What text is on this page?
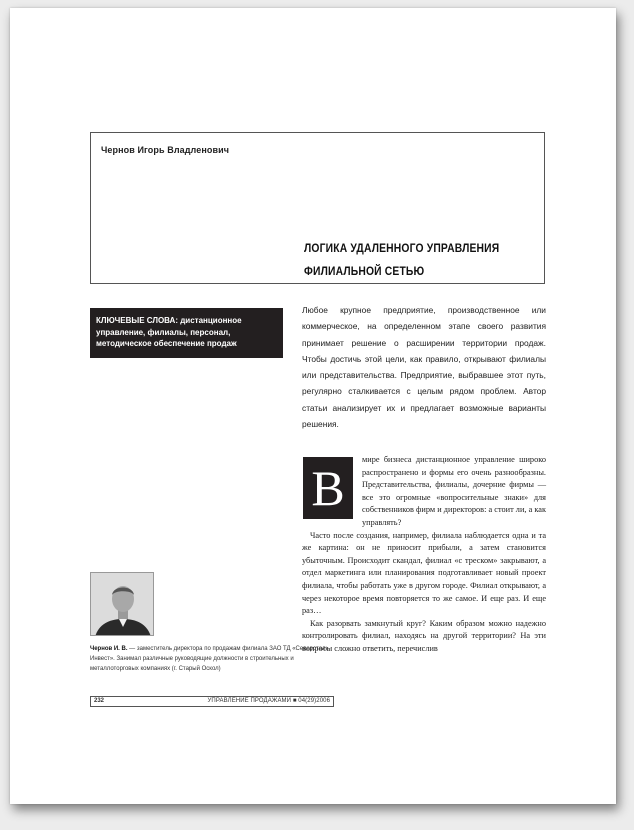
Чернов Игорь Владленович
ЛОГИКА УДАЛЕННОГО УПРАВЛЕНИЯ
ФИЛИАЛЬНОЙ СЕТЬЮ
КЛЮЧЕВЫЕ СЛОВА: дистанционное управление, филиалы, персонал, методическое обеспечение продаж
Любое крупное предприятие, производственное или коммерческое, на определенном этапе своего развития принимает решение о расширении территории продаж. Чтобы достичь этой цели, как правило, открывают филиалы или представительства. Предприятие, выбравшее этот путь, регулярно сталкивается с целым рядом проблем. Автор статьи анализирует их и предлагает возможные варианты решения.
В

мире бизнеса дистанционное управление широко распространено и формы его очень разнообразны. Представительства, филиалы, дочерние фирмы — все это огромные «вопросительные знаки» для собственников фирм и директоров: а стоит ли, а как управлять?

Часто после создания, например, филиала наблюдается одна и та же картина: он не приносит прибыли, а затем становится убыточным. Происходит скандал, филиал «с треском» закрывают, а отдел маркетинга или планирования подготавливает новый проект филиала, чтобы работать уже в другом городе. Филиал открывают, а через некоторое время повторяется то же самое. И еще раз. И еще раз…

Как разорвать замкнутый круг? Каким образом можно надежно контролировать филиал, находясь на другой территории? На эти вопросы сложно ответить, перечислив

Чернов И. В. — заместитель директора по продажам филиала ЗАО ТД «Северсталь-Инвест». Занимал различные руководящие должности в строительных и металлоторговых компаниях (г. Старый Оскол)
232	УПРАВЛЕНИЕ ПРОДАЖАМИ ■ 04(29)2006
